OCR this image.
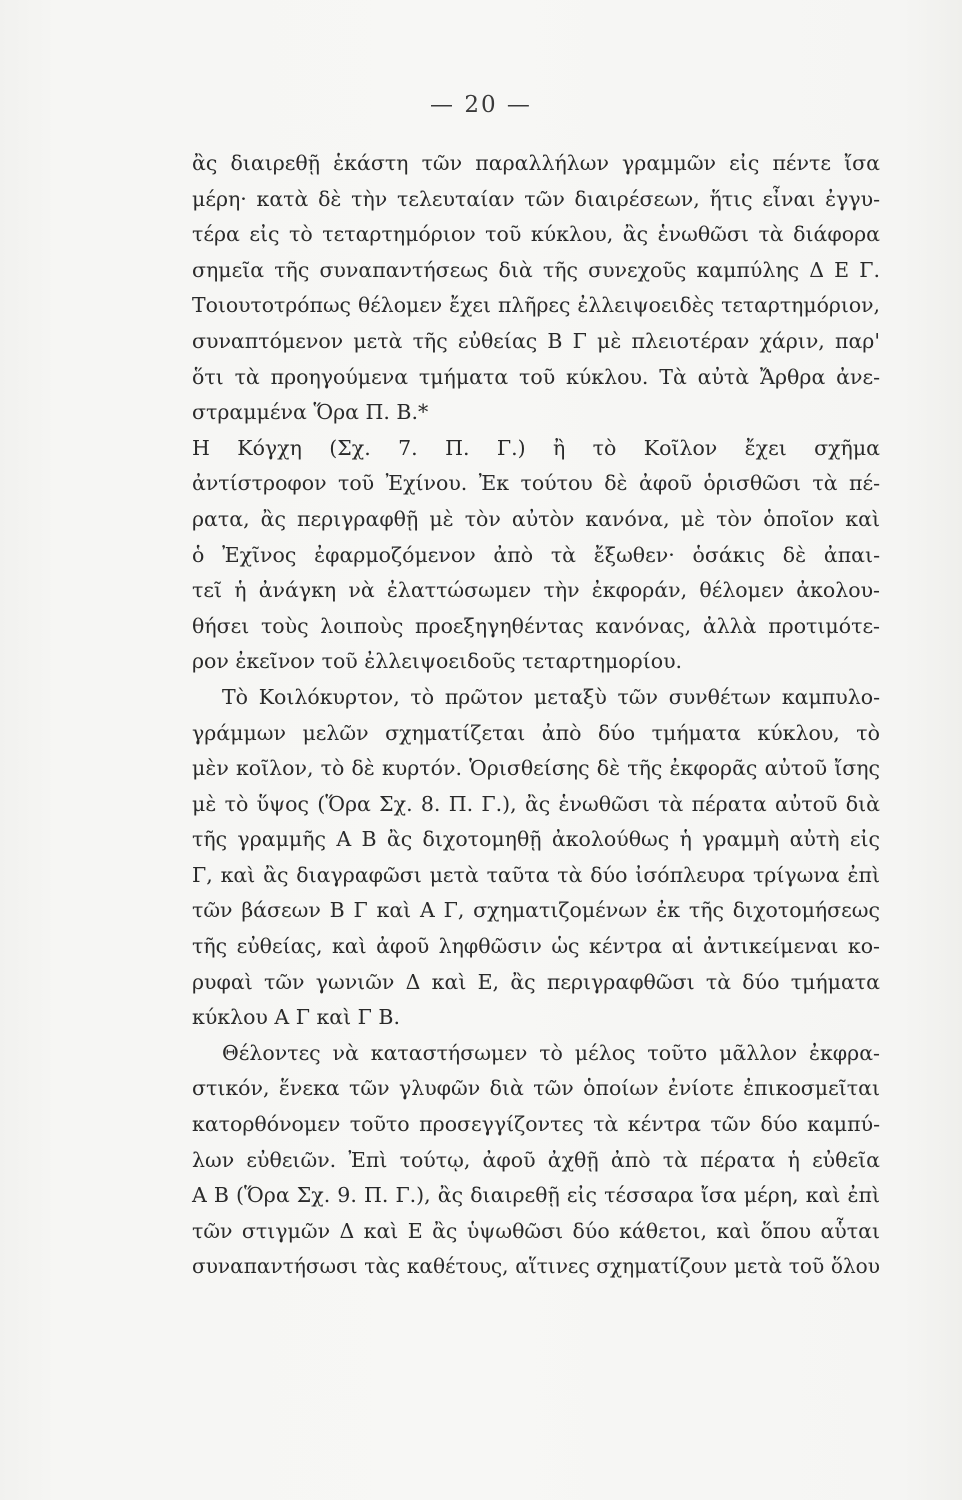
— 20 —
ἂς διαιρεθῇ ἑκάστη τῶν παραλλήλων γραμμῶν εἰς πέντε ἴσα
μέρη· κατὰ δὲ τὴν τελευταίαν τῶν διαιρέσεων, ἥτις εἶναι ἐγγυ-
τέρα εἰς τὸ τεταρτημόριον τοῦ κύκλου, ἂς ἑνωθῶσι τὰ διάφορα
σημεῖα τῆς συναπαντήσεως διὰ τῆς συνεχοῦς καμπύλης Δ Ε Γ.
Τοιουτοτρόπως θέλομεν ἔχει πλῆρες ἐλλειψοειδὲς τεταρτημόριον,
συναπτόμενον μετὰ τῆς εὐθείας Β Γ μὲ πλειοτέραν χάριν, παρ'
ὅτι τὰ προηγούμενα τμήματα τοῦ κύκλου. Τὰ αὐτὰ Ἄρθρα ἀνε-
στραμμένα Ὅρα Π. Β.*
Η Κόγχη (Σχ. 7. Π. Γ.) ἢ τὸ Κοῖλον ἔχει σχῆμα
ἀντίστροφον τοῦ Ἐχίνου. Ἐκ τούτου δὲ ἀφοῦ ὁρισθῶσι τὰ πέ-
ρατα, ἂς περιγραφθῇ μὲ τὸν αὐτὸν κανόνα, μὲ τὸν ὁποῖον καὶ
ὁ Ἐχῖνος ἐφαρμοζόμενον ἀπὸ τὰ ἔξωθεν· ὁσάκις δὲ ἀπαι-
τεῖ ἡ ἀνάγκη νὰ ἐλαττώσωμεν τὴν ἐκφοράν, θέλομεν ἀκολου-
θήσει τοὺς λοιποὺς προεξηγηθέντας κανόνας, ἀλλὰ προτιμότε-
ρον ἐκεῖνον τοῦ ἐλλειψοειδοῦς τεταρτημορίου.
Τὸ Κοιλόκυρτον, τὸ πρῶτον μεταξὺ τῶν συνθέτων καμπυλο-
γράμμων μελῶν σχηματίζεται ἀπὸ δύο τμήματα κύκλου, τὸ
μὲν κοῖλον, τὸ δὲ κυρτόν. Ὁρισθείσης δὲ τῆς ἐκφορᾶς αὐτοῦ ἴσης
μὲ τὸ ὕψος (Ὅρα Σχ. 8. Π. Γ.), ἂς ἑνωθῶσι τὰ πέρατα αὐτοῦ διὰ
τῆς γραμμῆς Α Β ἂς διχοτομηθῇ ἀκολούθως ἡ γραμμὴ αὐτὴ εἰς
Γ, καὶ ἂς διαγραφῶσι μετὰ ταῦτα τὰ δύο ἰσόπλευρα τρίγωνα ἐπὶ
τῶν βάσεων Β Γ καὶ Α Γ, σχηματιζομένων ἐκ τῆς διχοτομήσεως
τῆς εὐθείας, καὶ ἀφοῦ ληφθῶσιν ὡς κέντρα αἱ ἀντικείμεναι κο-
ρυφαὶ τῶν γωνιῶν Δ καὶ Ε, ἂς περιγραφθῶσι τὰ δύο τμήματα
κύκλου Α Γ καὶ Γ Β.
Θέλοντες νὰ καταστήσωμεν τὸ μέλος τοῦτο μᾶλλον ἐκφρα-
στικόν, ἕνεκα τῶν γλυφῶν διὰ τῶν ὁποίων ἐνίοτε ἐπικοσμεῖται
κατορθόνομεν τοῦτο προσεγγίζοντες τὰ κέντρα τῶν δύο καμπύ-
λων εὐθειῶν. Ἐπὶ τούτῳ, ἀφοῦ ἀχθῇ ἀπὸ τὰ πέρατα ἡ εὐθεῖα
Α Β (Ὅρα Σχ. 9. Π. Γ.), ἂς διαιρεθῇ εἰς τέσσαρα ἴσα μέρη, καὶ ἐπὶ
τῶν στιγμῶν Δ καὶ Ε ἂς ὑψωθῶσι δύο κάθετοι, καὶ ὅπου αὗται
συναπαντήσωσι τὰς καθέτους, αἵτινες σχηματίζουν μετὰ τοῦ ὅλου
